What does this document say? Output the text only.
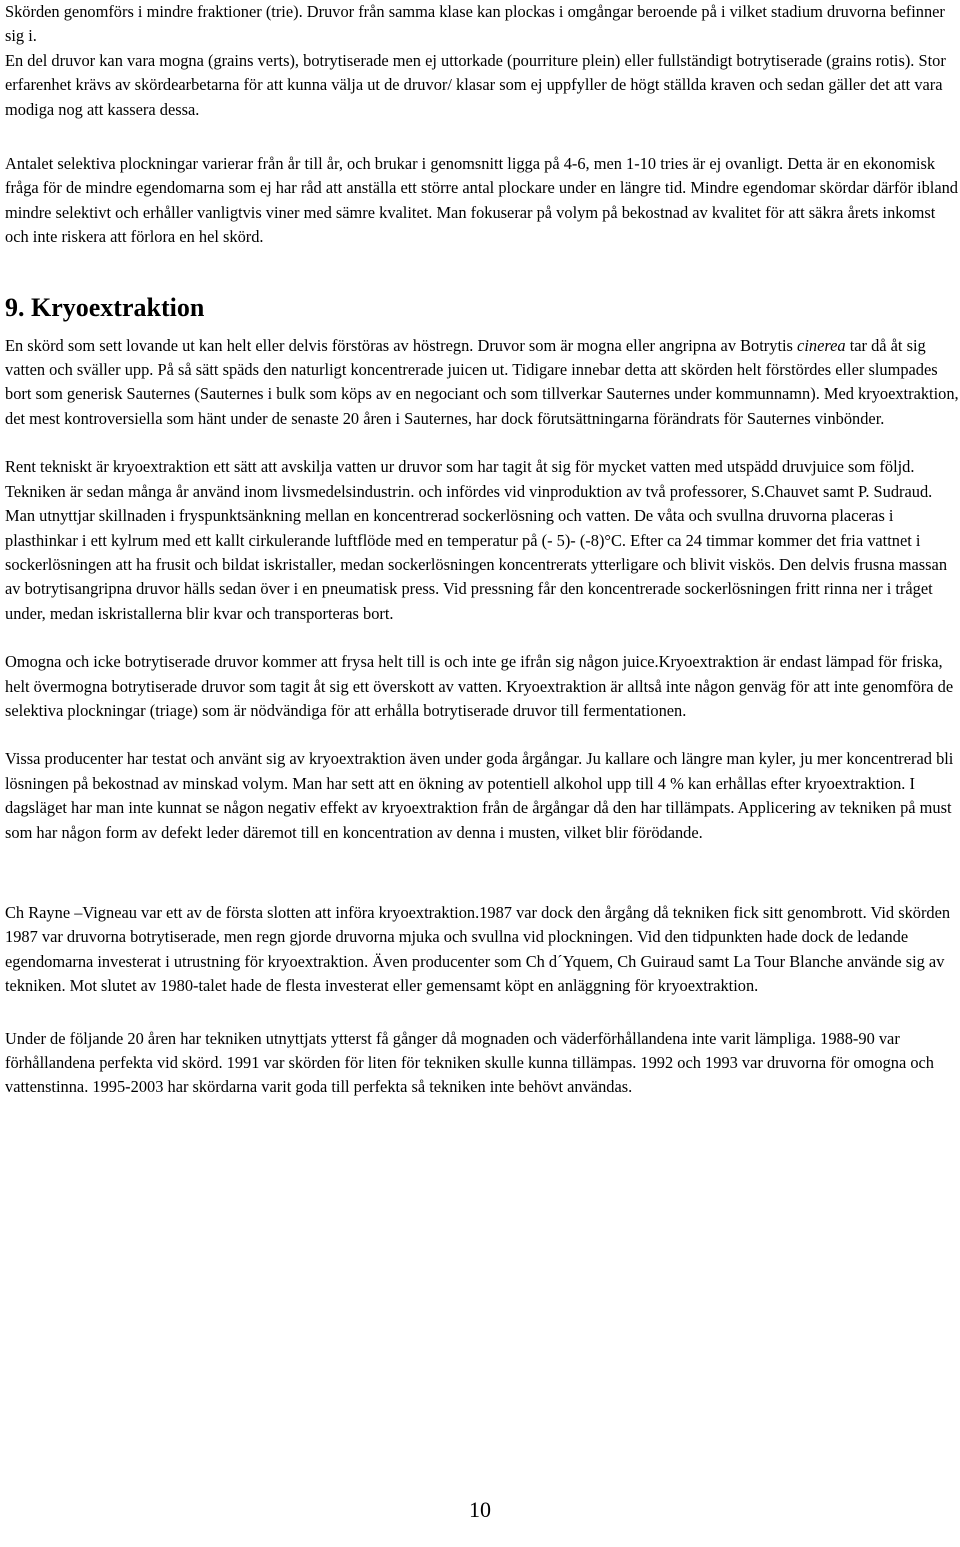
Skörden genomförs i mindre fraktioner (trie). Druvor från samma klase kan plockas i omgångar beroende på i vilket stadium druvorna befinner sig i.

En del druvor kan vara mogna (grains verts), botrytiserade men ej uttorkade (pourriture plein) eller fullständigt botrytiserade (grains rotis). Stor erfarenhet krävs av skördearbetarna för att kunna välja ut de druvor/ klasar som ej uppfyller de högt ställda kraven och sedan gäller det att vara modiga nog att kassera dessa.

Antalet selektiva plockningar varierar från år till år, och brukar i genomsnitt ligga på 4-6, men 1-10 tries är ej ovanligt. Detta är en ekonomisk fråga för de mindre egendomarna som ej har råd att anställa ett större antal plockare under en längre tid. Mindre egendomar skördar därför ibland mindre selektivt och erhåller vanligtvis viner med sämre kvalitet. Man fokuserar på volym på bekostnad av kvalitet för att säkra årets inkomst och inte riskera att förlora en hel skörd.

9. Kryoextraktion

En skörd som sett lovande ut kan helt eller delvis förstöras av höstregn. Druvor som är mogna eller angripna av Botrytis cinerea tar då åt sig vatten och sväller upp. På så sätt späds den naturligt koncentrerade juicen ut. Tidigare innebar detta att skörden helt förstördes eller slumpades bort som generisk Sauternes (Sauternes i bulk som köps av en negociant och som tillverkar Sauternes under kommunnamn). Med kryoextraktion, det mest kontroversiella som hänt under de senaste 20 åren i Sauternes, har dock förutsättningarna förändrats för Sauternes vinbönder.

Rent tekniskt är kryoextraktion ett sätt att avskilja vatten ur druvor som har tagit åt sig för mycket vatten med utspädd druvjuice som följd. Tekniken är sedan många år använd inom livsmedelsindustrin. och infördes vid vinproduktion av två professorer, S.Chauvet samt P. Sudraud. Man utnyttjar skillnaden i fryspunktsänkning mellan en koncentrerad sockerlösning och vatten. De våta och svullna druvorna placeras i plasthinkar i ett kylrum med ett kallt cirkulerande luftflöde med en temperatur på (- 5)- (-8)°C. Efter ca 24 timmar kommer det fria vattnet i sockerlösningen att ha frusit och bildat iskristaller, medan sockerlösningen koncentrerats ytterligare och blivit viskös. Den delvis frusna massan av botrytisangripna druvor hälls sedan över i en pneumatisk press. Vid pressning får den koncentrerade sockerlösningen fritt rinna ner i tråget under, medan iskristallerna blir kvar och transporteras bort.

Omogna och icke botrytiserade druvor kommer att frysa helt till is och inte ge ifrån sig någon juice.Kryoextraktion är endast lämpad för friska, helt övermogna botrytiserade druvor som tagit åt sig ett överskott av vatten. Kryoextraktion är alltså inte någon genväg för att inte genomföra de selektiva plockningar (triage) som är nödvändiga för att erhålla botrytiserade druvor till fermentationen.

Vissa producenter har testat och använt sig av kryoextraktion även under goda årgångar. Ju kallare och längre man kyler, ju mer koncentrerad bli lösningen på bekostnad av minskad volym. Man har sett att en ökning av potentiell alkohol upp till 4 % kan erhållas efter kryoextraktion. I dagsläget har man inte kunnat se någon negativ effekt av kryoextraktion från de årgångar då den har tillämpats. Applicering av tekniken på must som har någon form av defekt leder däremot till en koncentration av denna i musten, vilket blir förödande.

Ch Rayne –Vigneau var ett av de första slotten att införa kryoextraktion.1987 var dock den årgång då tekniken fick sitt genombrott. Vid skörden 1987 var druvorna botrytiserade, men regn gjorde druvorna mjuka och svullna vid plockningen. Vid den tidpunkten hade dock de ledande egendomarna investerat i utrustning för kryoextraktion. Även producenter som Ch d´Yquem, Ch Guiraud samt La Tour Blanche använde sig av tekniken. Mot slutet av 1980-talet hade de flesta investerat eller gemensamt köpt en anläggning för kryoextraktion.

Under de följande 20 åren har tekniken utnyttjats ytterst få gånger då mognaden och väderförhållandena inte varit lämpliga. 1988-90 var förhållandena perfekta vid skörd. 1991 var skörden för liten för tekniken skulle kunna tillämpas. 1992 och 1993 var druvorna för omogna och vattenstinna. 1995-2003 har skördarna varit goda till perfekta så tekniken inte behövt användas.

10
